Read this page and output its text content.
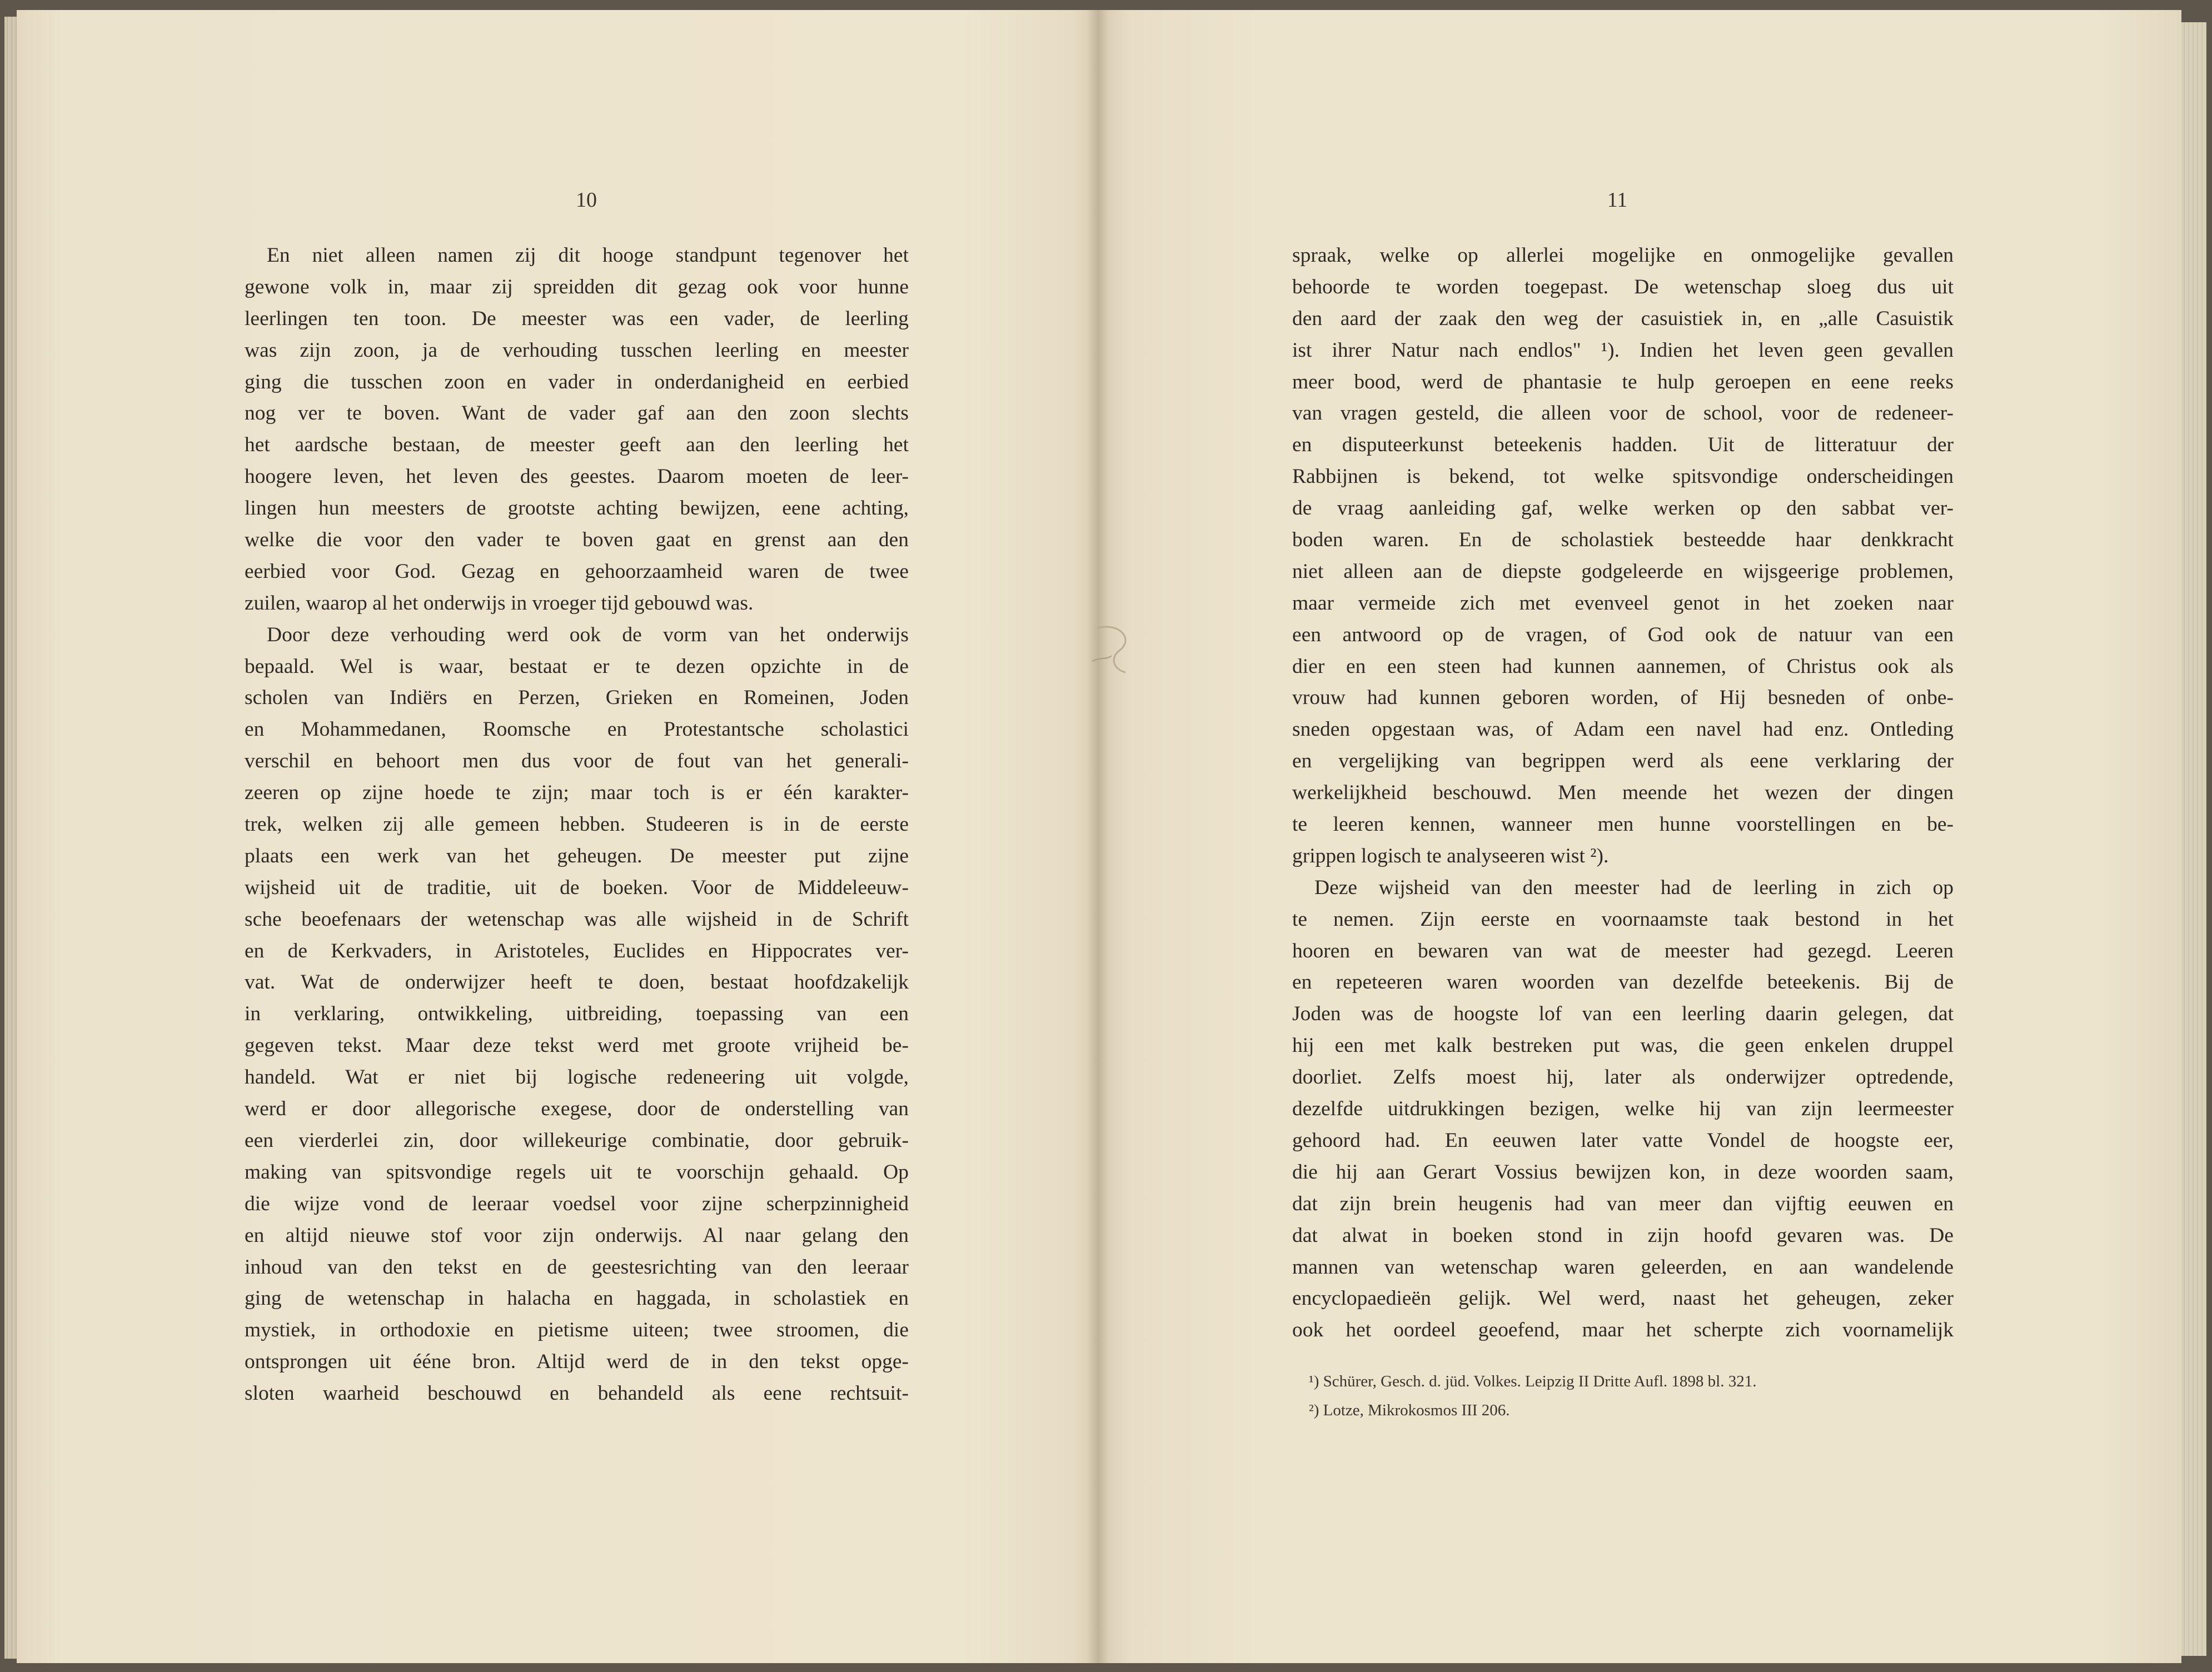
10	11
En niet alleen namen zij dit hooge standpunt tegenover het
gewone volk in, maar zij spreidden dit gezag ook voor hunne
leerlingen ten toon. De meester was een vader, de leerling
was zijn zoon, ja de verhouding tusschen leerling en meester
ging die tusschen zoon en vader in onderdanigheid en eerbied
nog ver te boven. Want de vader gaf aan den zoon slechts
het aardsche bestaan, de meester geeft aan den leerling het
hoogere leven, het leven des geestes. Daarom moeten de leer-
lingen hun meesters de grootste achting bewijzen, eene achting,
welke die voor den vader te boven gaat en grenst aan den
eerbied voor God. Gezag en gehoorzaamheid waren de twee
zuilen, waarop al het onderwijs in vroeger tijd gebouwd was.
Door deze verhouding werd ook de vorm van het onderwijs
bepaald. Wel is waar, bestaat er te dezen opzichte in de
scholen van Indiërs en Perzen, Grieken en Romeinen, Joden
en Mohammedanen, Roomsche en Protestantsche scholastici
verschil en behoort men dus voor de fout van het generali-
zeeren op zijne hoede te zijn; maar toch is er één karakter-
trek, welken zij alle gemeen hebben. Studeeren is in de eerste
plaats een werk van het geheugen. De meester put zijne
wijsheid uit de traditie, uit de boeken. Voor de Middeleeuw-
sche beoefenaars der wetenschap was alle wijsheid in de Schrift
en de Kerkvaders, in Aristoteles, Euclides en Hippocrates ver-
vat. Wat de onderwijzer heeft te doen, bestaat hoofdzakelijk
in verklaring, ontwikkeling, uitbreiding, toepassing van een
gegeven tekst. Maar deze tekst werd met groote vrijheid be-
handeld. Wat er niet bij logische redeneering uit volgde,
werd er door allegorische exegese, door de onderstelling van
een vierderlei zin, door willekeurige combinatie, door gebruik-
making van spitsvondige regels uit te voorschijn gehaald. Op
die wijze vond de leeraar voedsel voor zijne scherpzinnigheid
en altijd nieuwe stof voor zijn onderwijs. Al naar gelang den
inhoud van den tekst en de geestesrichting van den leeraar
ging de wetenschap in halacha en haggada, in scholastiek en
mystiek, in orthodoxie en pietisme uiteen; twee stroomen, die
ontsprongen uit ééne bron. Altijd werd de in den tekst opge-
sloten waarheid beschouwd en behandeld als eene rechtsuit-
spraak, welke op allerlei mogelijke en onmogelijke gevallen
behoorde te worden toegepast. De wetenschap sloeg dus uit
den aard der zaak den weg der casuistiek in, en „alle Casuistik
ist ihrer Natur nach endlos" ¹). Indien het leven geen gevallen
meer bood, werd de phantasie te hulp geroepen en eene reeks
van vragen gesteld, die alleen voor de school, voor de redeneer-
en disputeerkunst beteekenis hadden. Uit de litteratuur der
Rabbijnen is bekend, tot welke spitsvondige onderscheidingen
de vraag aanleiding gaf, welke werken op den sabbat ver-
boden waren. En de scholastiek besteedde haar denkkracht
niet alleen aan de diepste godgeleerde en wijsgeerige problemen,
maar vermeide zich met evenveel genot in het zoeken naar
een antwoord op de vragen, of God ook de natuur van een
dier en een steen had kunnen aannemen, of Christus ook als
vrouw had kunnen geboren worden, of Hij besneden of onbe-
sneden opgestaan was, of Adam een navel had enz. Ontleding
en vergelijking van begrippen werd als eene verklaring der
werkelijkheid beschouwd. Men meende het wezen der dingen
te leeren kennen, wanneer men hunne voorstellingen en be-
grippen logisch te analyseeren wist ²).
Deze wijsheid van den meester had de leerling in zich op
te nemen. Zijn eerste en voornaamste taak bestond in het
hooren en bewaren van wat de meester had gezegd. Leeren
en repeteeren waren woorden van dezelfde beteekenis. Bij de
Joden was de hoogste lof van een leerling daarin gelegen, dat
hij een met kalk bestreken put was, die geen enkelen druppel
doorliet. Zelfs moest hij, later als onderwijzer optredende,
dezelfde uitdrukkingen bezigen, welke hij van zijn leermeester
gehoord had. En eeuwen later vatte Vondel de hoogste eer,
die hij aan Gerart Vossius bewijzen kon, in deze woorden saam,
dat zijn brein heugenis had van meer dan vijftig eeuwen en
dat alwat in boeken stond in zijn hoofd gevaren was. De
mannen van wetenschap waren geleerden, en aan wandelende
encyclopaedieën gelijk. Wel werd, naast het geheugen, zeker
ook het oordeel geoefend, maar het scherpte zich voornamelijk
¹) Schürer, Gesch. d. jüd. Volkes. Leipzig II Dritte Aufl. 1898 bl. 321.
²) Lotze, Mikrokosmos III 206.
